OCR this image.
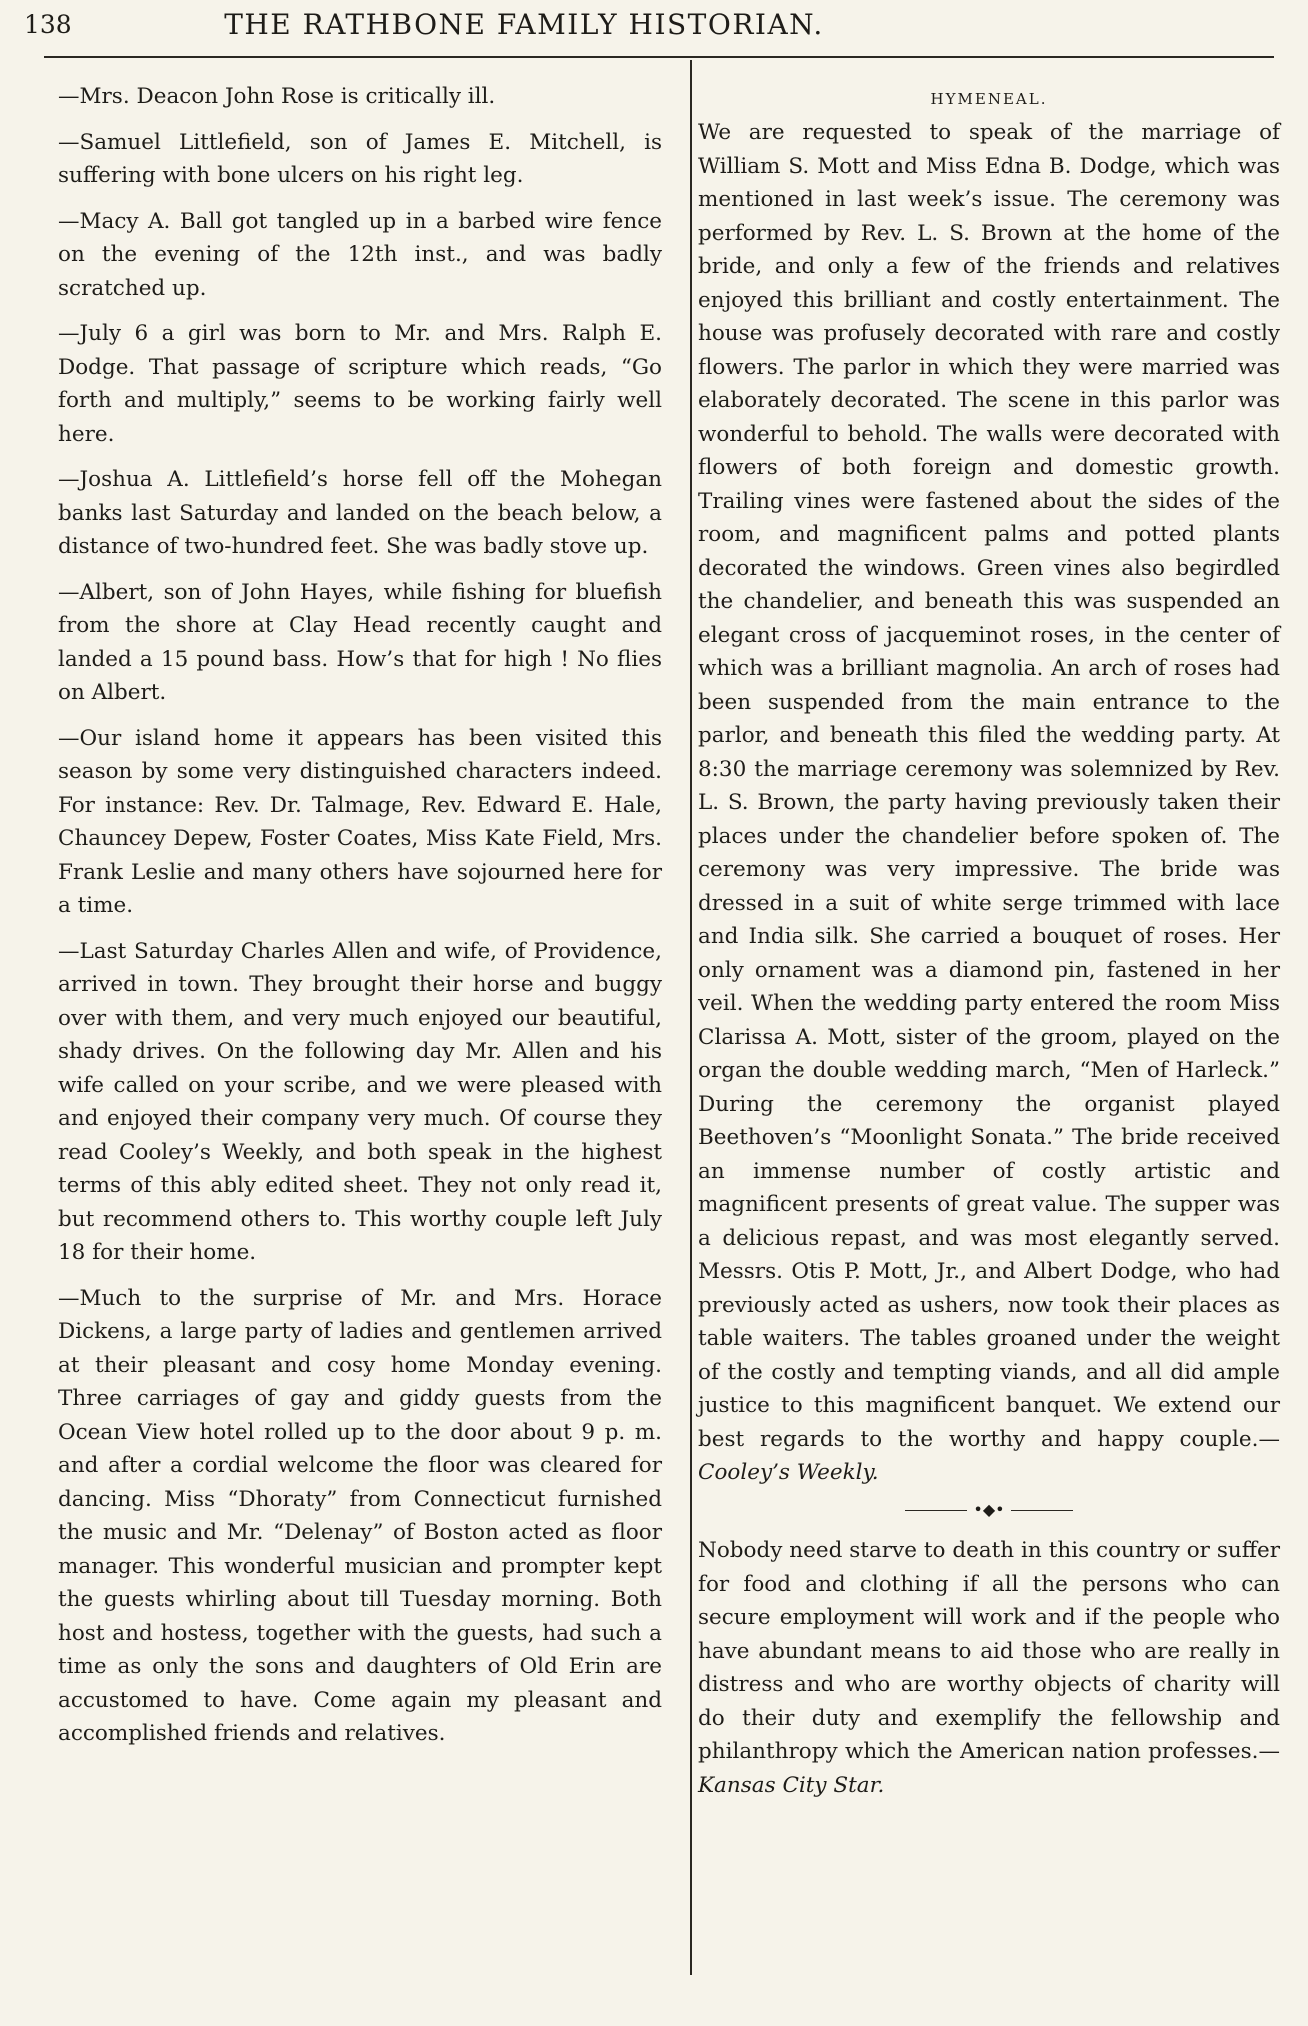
138	THE RATHBONE FAMILY HISTORIAN.

—Mrs. Deacon John Rose is critically ill.

—Samuel Littlefield, son of James E. Mitchell, is suffering with bone ulcers on his right leg.

—Macy A. Ball got tangled up in a barbed wire fence on the evening of the 12th inst., and was badly scratched up.

—July 6 a girl was born to Mr. and Mrs. Ralph E. Dodge. That passage of scripture which reads, “Go forth and multiply,” seems to be working fairly well here.

—Joshua A. Littlefield’s horse fell off the Mohegan banks last Saturday and landed on the beach below, a distance of two-hundred feet. She was badly stove up.

—Albert, son of John Hayes, while fishing for bluefish from the shore at Clay Head recently caught and landed a 15 pound bass. How’s that for high ! No flies on Albert.

—Our island home it appears has been visited this season by some very distinguished characters indeed. For instance: Rev. Dr. Talmage, Rev. Edward E. Hale, Chauncey Depew, Foster Coates, Miss Kate Field, Mrs. Frank Leslie and many others have sojourned here for a time.

—Last Saturday Charles Allen and wife, of Providence, arrived in town. They brought their horse and buggy over with them, and very much enjoyed our beautiful, shady drives. On the following day Mr. Allen and his wife called on your scribe, and we were pleased with and enjoyed their company very much. Of course they read Cooley’s Weekly, and both speak in the highest terms of this ably edited sheet. They not only read it, but recommend others to. This worthy couple left July 18 for their home.

—Much to the surprise of Mr. and Mrs. Horace Dickens, a large party of ladies and gentlemen arrived at their pleasant and cosy home Monday evening. Three carriages of gay and giddy guests from the Ocean View hotel rolled up to the door about 9 p. m. and after a cordial welcome the floor was cleared for dancing. Miss “Dhoraty” from Connecticut furnished the music and Mr. “Delenay” of Boston acted as floor manager. This wonderful musician and prompter kept the guests whirling about till Tuesday morning. Both host and hostess, together with the guests, had such a time as only the sons and daughters of Old Erin are accustomed to have. Come again my pleasant and accomplished friends and relatives.

HYMENEAL.

We are requested to speak of the marriage of William S. Mott and Miss Edna B. Dodge, which was mentioned in last week’s issue. The ceremony was performed by Rev. L. S. Brown at the home of the bride, and only a few of the friends and relatives enjoyed this brilliant and costly entertainment. The house was profusely decorated with rare and costly flowers. The parlor in which they were married was elaborately decorated. The scene in this parlor was wonderful to behold. The walls were decorated with flowers of both foreign and domestic growth. Trailing vines were fastened about the sides of the room, and magnificent palms and potted plants decorated the windows. Green vines also begirdled the chandelier, and beneath this was suspended an elegant cross of jacqueminot roses, in the center of which was a brilliant magnolia. An arch of roses had been suspended from the main entrance to the parlor, and beneath this filed the wedding party. At 8:30 the marriage ceremony was solemnized by Rev. L. S. Brown, the party having previously taken their places under the chandelier before spoken of. The ceremony was very impressive. The bride was dressed in a suit of white serge trimmed with lace and India silk. She carried a bouquet of roses. Her only ornament was a diamond pin, fastened in her veil. When the wedding party entered the room Miss Clarissa A. Mott, sister of the groom, played on the organ the double wedding march, “Men of Harleck.” During the ceremony the organist played Beethoven’s “Moonlight Sonata.” The bride received an immense number of costly artistic and magnificent presents of great value. The supper was a delicious repast, and was most elegantly served. Messrs. Otis P. Mott, Jr., and Albert Dodge, who had previously acted as ushers, now took their places as table waiters. The tables groaned under the weight of the costly and tempting viands, and all did ample justice to this magnificent banquet. We extend our best regards to the worthy and happy couple.— Cooley’s Weekly.

•◆•

Nobody need starve to death in this country or suffer for food and clothing if all the persons who can secure employment will work and if the people who have abundant means to aid those who are really in distress and who are worthy objects of charity will do their duty and exemplify the fellowship and philanthropy which the American nation professes.— Kansas City Star.
